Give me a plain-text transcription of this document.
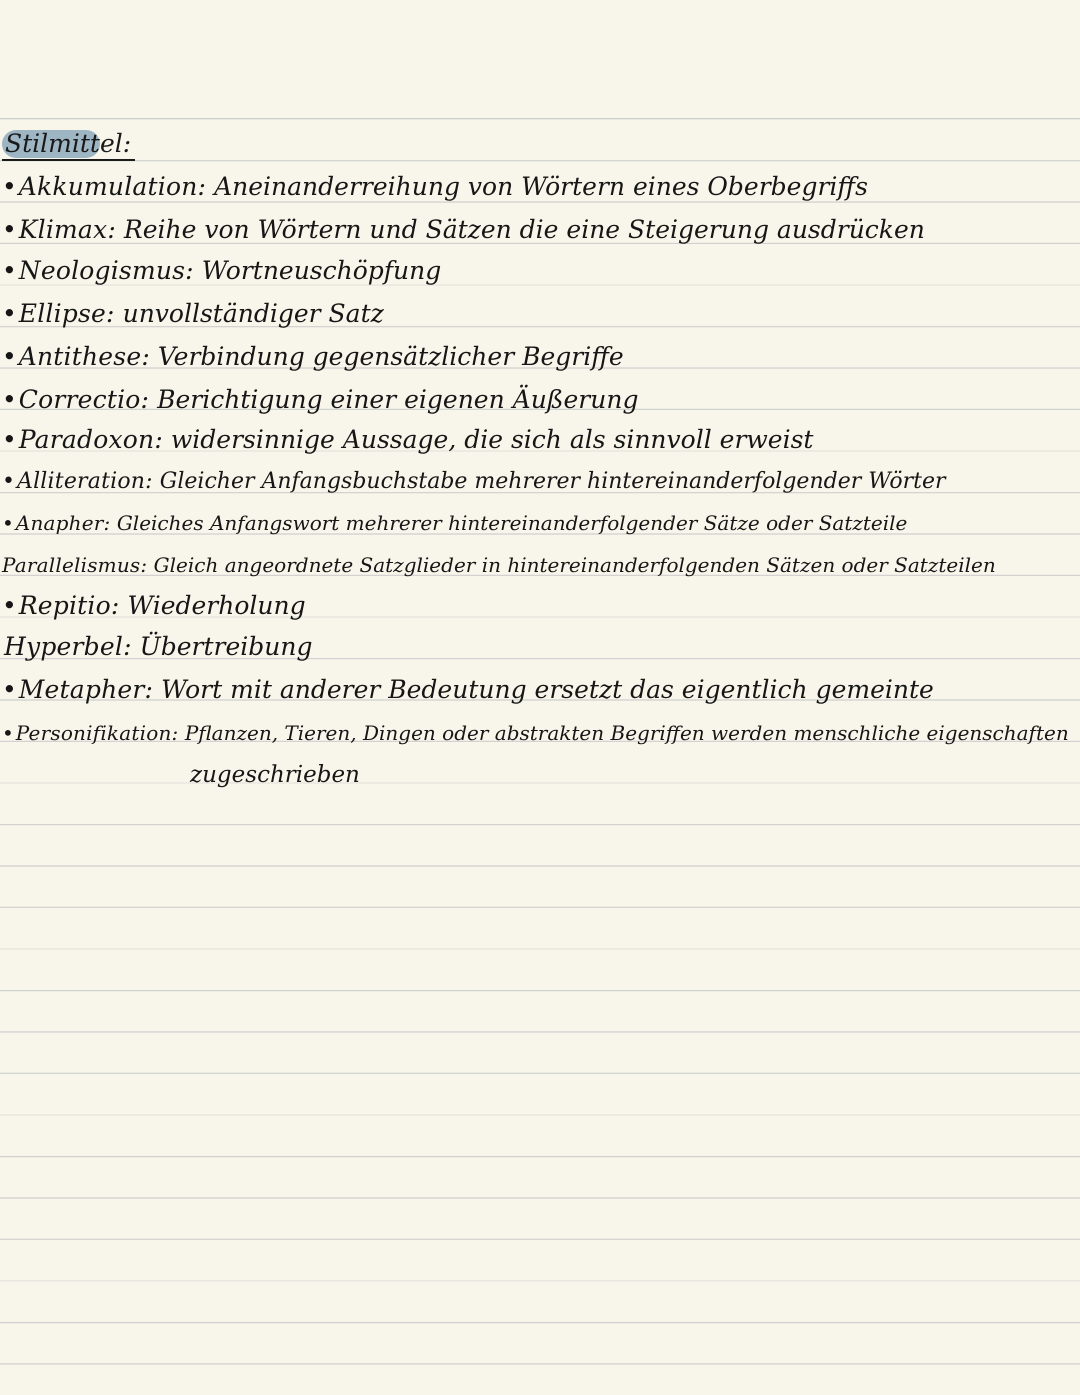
Stilmittel:
•Akkumulation: Aneinanderreihung von Wörtern eines Oberbegriffs
•Klimax: Reihe von Wörtern und Sätzen die eine Steigerung ausdrücken
•Neologismus: Wortneuschöpfung
•Ellipse: unvollständiger Satz
•Antithese: Verbindung gegensätzlicher Begriffe
•Correctio: Berichtigung einer eigenen Äußerung
•Paradoxon: widersinnige Aussage, die sich als sinnvoll erweist
•Alliteration: Gleicher Anfangsbuchstabe mehrerer hintereinanderfolgender Wörter
• Anapher: Gleiches Anfangswort mehrerer hintereinanderfolgender Sätze oder Satzteile
Parallelismus: Gleich angeordnete Satzglieder in hintereinanderfolgenden Sätzen oder Satzteilen
•Repitio: Wiederholung
Hyperbel: Übertreibung
•Metapher: Wort mit anderer Bedeutung ersetzt das eigentlich gemeinte
• Personifikation: Pflanzen, Tieren, Dingen oder abstrakten Begriffen werden menschliche eigenschaften
zugeschrieben
